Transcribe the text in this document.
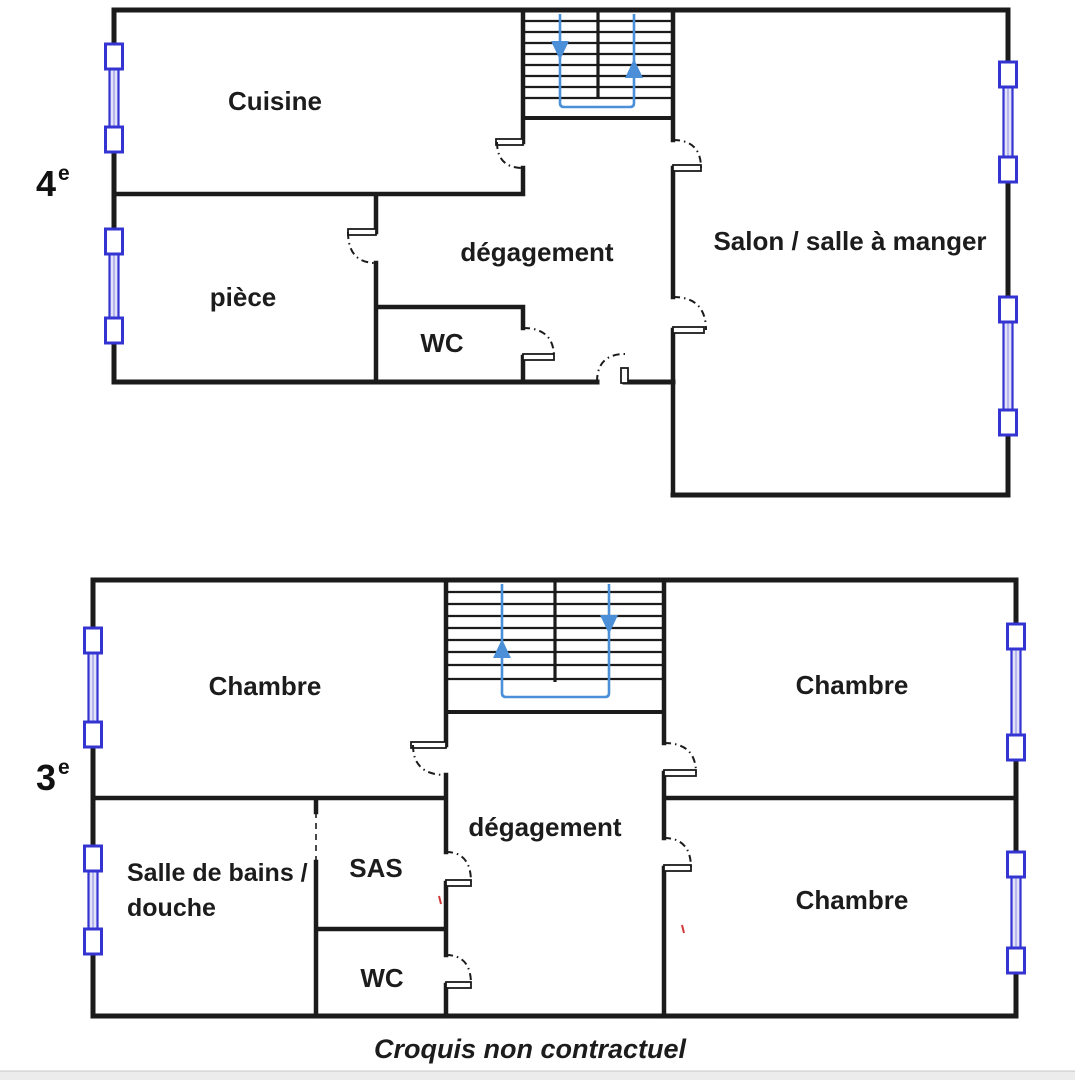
4 e
Cuisine
pièce
dégagement
WC
Salon / salle à manger
3 e
Chambre	Chambre
Chambre
Salle de bains /
douche
SAS
WC
dégagement
Croquis non contractuel
